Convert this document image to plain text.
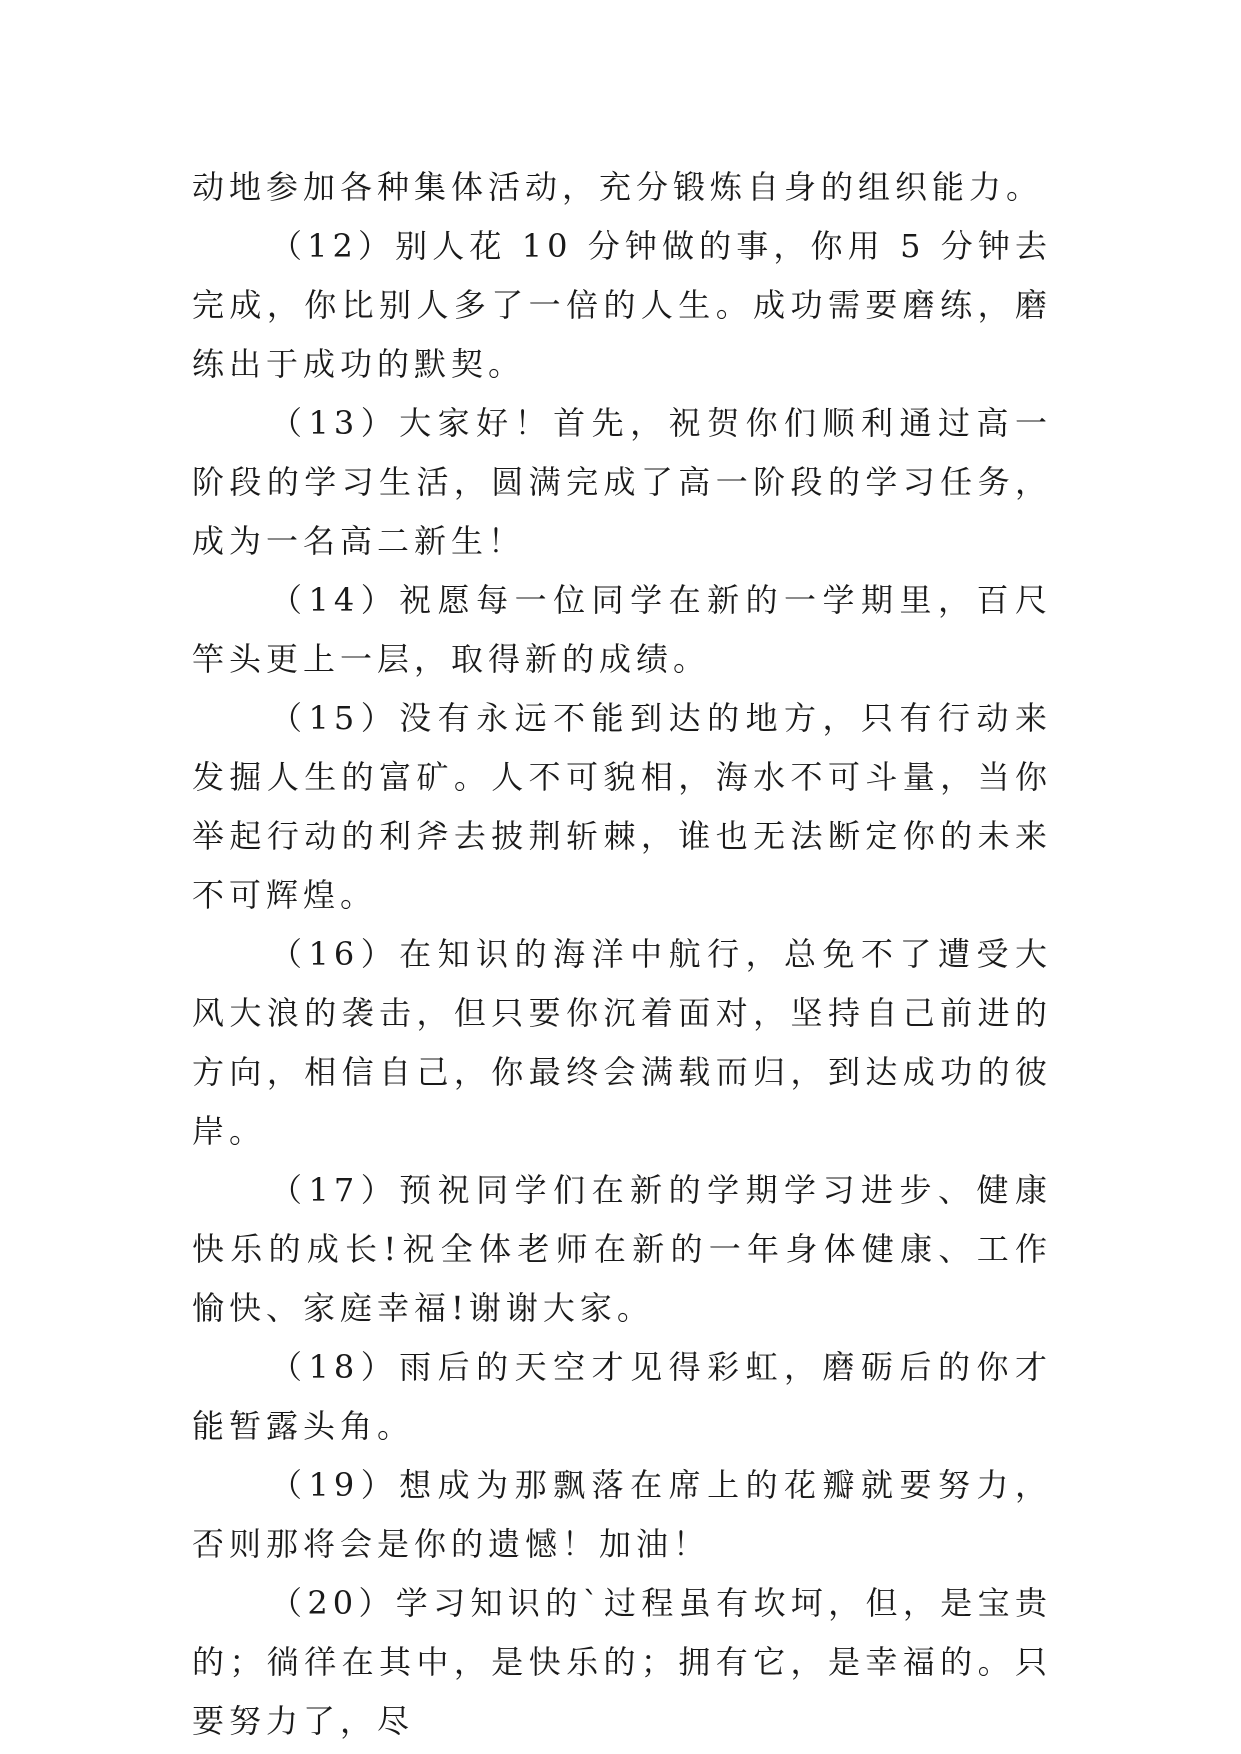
动地参加各种集体活动，充分锻炼自身的组织能力。

（12）别人花 10 分钟做的事，你用 5 分钟去完成，你比别人多了一倍的人生。成功需要磨练，磨练出于成功的默契。

（13）大家好！首先，祝贺你们顺利通过高一阶段的学习生活，圆满完成了高一阶段的学习任务，成为一名高二新生！

（14）祝愿每一位同学在新的一学期里，百尺竿头更上一层，取得新的成绩。

（15）没有永远不能到达的地方，只有行动来发掘人生的富矿。人不可貌相，海水不可斗量，当你举起行动的利斧去披荆斩棘，谁也无法断定你的未来不可辉煌。

（16）在知识的海洋中航行，总免不了遭受大风大浪的袭击，但只要你沉着面对，坚持自己前进的方向，相信自己，你最终会满载而归，到达成功的彼岸。

（17）预祝同学们在新的学期学习进步、健康快乐的成长!祝全体老师在新的一年身体健康、工作愉快、家庭幸福!谢谢大家。

（18）雨后的天空才见得彩虹，磨砺后的你才能暂露头角。

（19）想成为那飘落在席上的花瓣就要努力，否则那将会是你的遗憾！加油！

（20）学习知识的`过程虽有坎坷，但，是宝贵的；徜徉在其中，是快乐的；拥有它，是幸福的。只要努力了，尽
